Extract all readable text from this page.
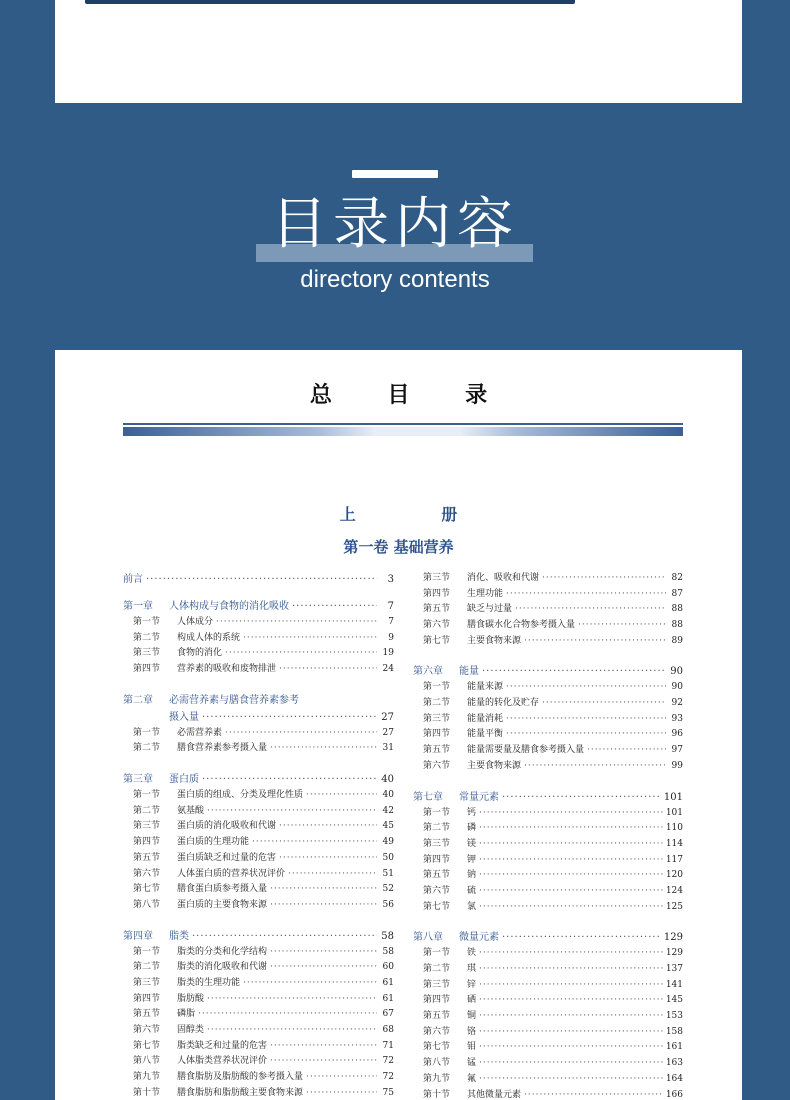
目录内容
directory contents
总 目 录
上 册
第一卷 基础营养
前言 ·····	3
第一章	人体构成与食物的消化吸收 ·····	7
第一节	人体成分 ·····	7
第二节	构成人体的系统 ·····	9
第三节	食物的消化 ·····	19
第四节	营养素的吸收和废物排泄 ·····	24
第二章	必需营养素与膳食营养素参考
摄入量 ·····	27
第一节	必需营养素 ·····	27
第二节	膳食营养素参考摄入量 ·····	31
第三章	蛋白质 ·····	40
第一节	蛋白质的组成、分类及理化性质 ·····	40
第二节	氨基酸 ·····	42
第三节	蛋白质的消化吸收和代谢 ·····	45
第四节	蛋白质的生理功能 ·····	49
第五节	蛋白质缺乏和过量的危害 ·····	50
第六节	人体蛋白质的营养状况评价 ·····	51
第七节	膳食蛋白质参考摄入量 ·····	52
第八节	蛋白质的主要食物来源 ·····	56
第四章	脂类 ·····	58
第一节	脂类的分类和化学结构 ·····	58
第二节	脂类的消化吸收和代谢 ·····	60
第三节	脂类的生理功能 ·····	61
第四节	脂肪酸 ·····	61
第五节	磷脂 ·····	67
第六节	固醇类 ·····	68
第七节	脂类缺乏和过量的危害 ·····	71
第八节	人体脂类营养状况评价 ·····	72
第九节	膳食脂肪及脂肪酸的参考摄入量 ·····	72
第十节	膳食脂肪和脂肪酸主要食物来源 ·····	75
第三节	消化、吸收和代谢 ·····	82
第四节	生理功能 ·····	87
第五节	缺乏与过量 ·····	88
第六节	膳食碳水化合物参考摄入量 ·····	88
第七节	主要食物来源 ·····	89
第六章	能量 ·····	90
第一节	能量来源 ·····	90
第二节	能量的转化及贮存 ·····	92
第三节	能量消耗 ·····	93
第四节	能量平衡 ·····	96
第五节	能量需要量及膳食参考摄入量 ·····	97
第六节	主要食物来源 ·····	99
第七章	常量元素 ·····	101
第一节	钙 ·····	101
第二节	磷 ·····	110
第三节	镁 ·····	114
第四节	钾 ·····	117
第五节	钠 ·····	120
第六节	硫 ·····	124
第七节	氯 ·····	125
第八章	微量元素 ·····	129
第一节	铁 ·····	129
第二节	琪 ·····	137
第三节	锌 ·····	141
第四节	硒 ·····	145
第五节	铜 ·····	153
第六节	铬 ·····	158
第七节	钼 ·····	161
第八节	锰 ·····	163
第九节	氟 ·····	164
第十节	其他微量元素 ·····	166
